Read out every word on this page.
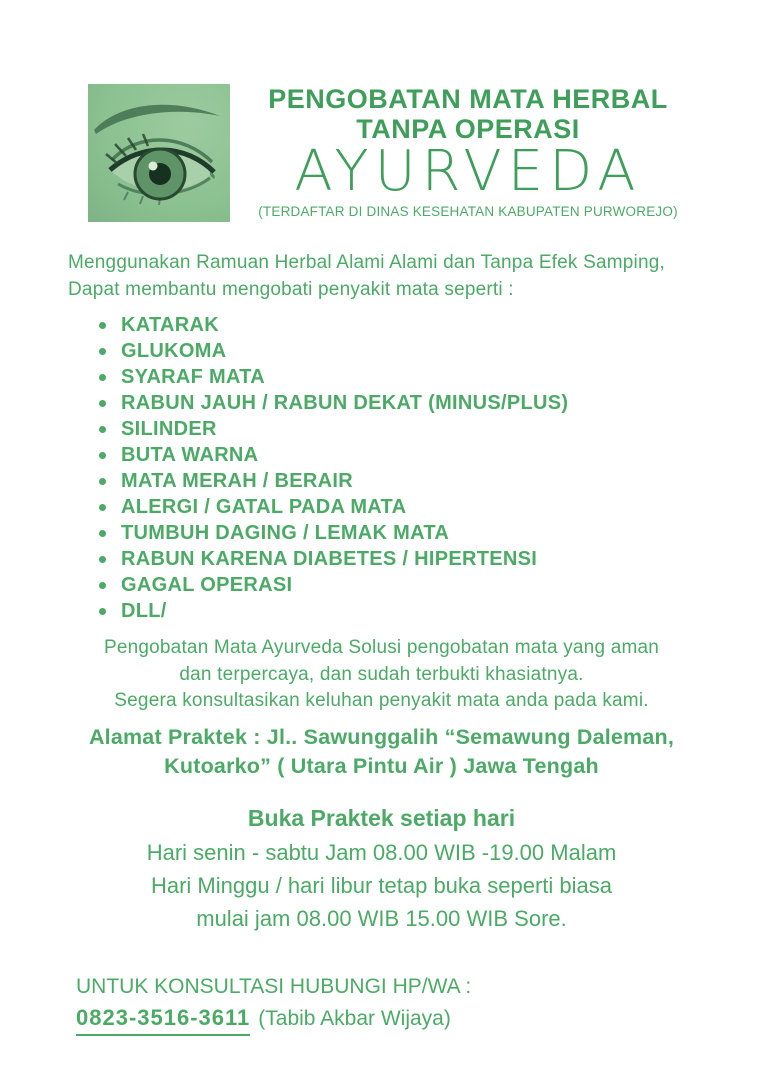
PENGOBATAN MATA HERBAL
TANPA OPERASI
AYURVEDA
(TERDAFTAR DI DINAS KESEHATAN KABUPATEN PURWOREJO)
Menggunakan Ramuan Herbal Alami Alami dan Tanpa Efek Samping,
Dapat membantu mengobati penyakit mata seperti :
KATARAK
GLUKOMA
SYARAF MATA
RABUN JAUH / RABUN DEKAT (MINUS/PLUS)
SILINDER
BUTA WARNA
MATA MERAH / BERAIR
ALERGI / GATAL PADA MATA
TUMBUH DAGING / LEMAK MATA
RABUN KARENA DIABETES / HIPERTENSI
GAGAL OPERASI
DLL/
Pengobatan Mata Ayurveda Solusi pengobatan mata yang aman
dan terpercaya, dan sudah terbukti khasiatnya.
Segera konsultasikan keluhan penyakit mata anda pada kami.
Alamat Praktek : Jl.. Sawunggalih “Semawung Daleman,
Kutoarko” ( Utara Pintu Air ) Jawa Tengah
Buka Praktek setiap hari
Hari senin - sabtu Jam 08.00 WIB -19.00 Malam
Hari Minggu / hari libur tetap buka seperti biasa
mulai jam 08.00 WIB 15.00 WIB Sore.
UNTUK KONSULTASI HUBUNGI HP/WA :
0823-3516-3611 (Tabib Akbar Wijaya)
